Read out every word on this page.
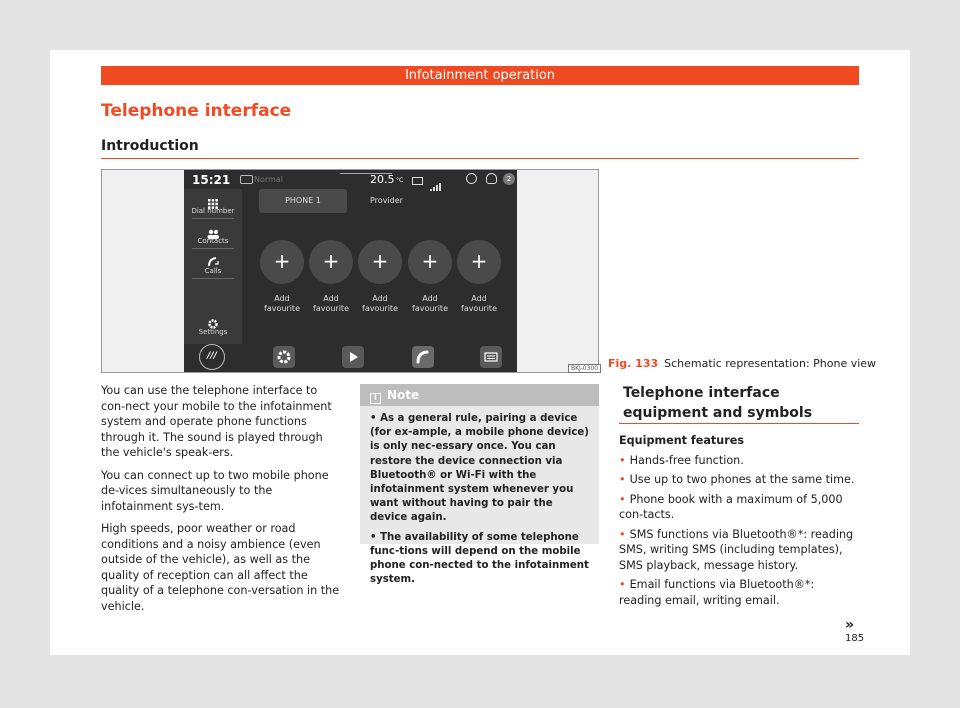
Infotainment operation
Telephone interface
Introduction
15:21	Normal	20.5 °C	2
Dial number
Contacts
Calls
Settings
PHONE 1	Provider
+	+	+	+	+
Add
favourite
Add
favourite
Add
favourite
Add
favourite
Add
favourite
///
BKJ-0300 Fig. 133 Schematic representation: Phone view

You can use the telephone interface to con-nect your mobile to the infotainment system and operate phone functions through it. The sound is played through the vehicle's speak-ers.

You can connect up to two mobile phone de-vices simultaneously to the infotainment sys-tem.

High speeds, poor weather or road conditions and a noisy ambience (even outside of the vehicle), as well as the quality of reception can all affect the quality of a telephone con-versation in the vehicle.

i Note

• As a general rule, pairing a device (for ex-ample, a mobile phone device) is only nec-essary once. You can restore the device connection via Bluetooth® or Wi-Fi with the infotainment system whenever you want without having to pair the device again.

• The availability of some telephone func-tions will depend on the mobile phone con-nected to the infotainment system.

Telephone interface equipment and symbols

Equipment features

• Hands-free function.

• Use up to two phones at the same time.

• Phone book with a maximum of 5,000 con-tacts.

• SMS functions via Bluetooth®*: reading SMS, writing SMS (including templates), SMS playback, message history.

• Email functions via Bluetooth®*: reading email, writing email.

»
185
